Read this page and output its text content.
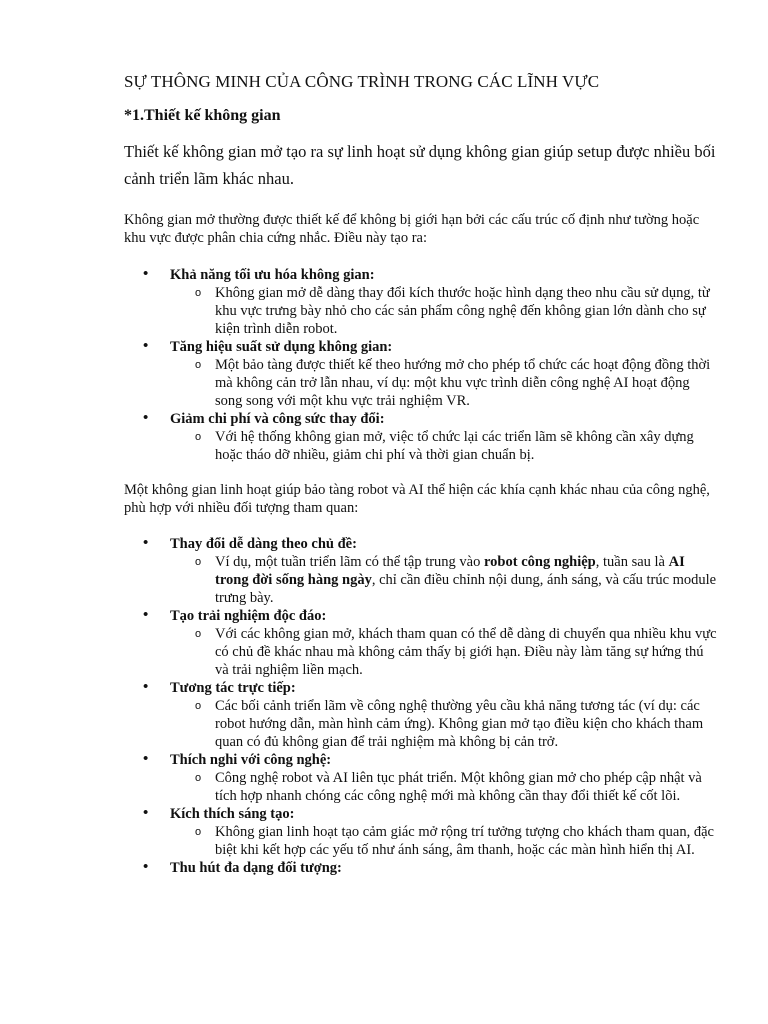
SỰ THÔNG MINH CỦA CÔNG TRÌNH TRONG CÁC LĨNH VỰC
*1.Thiết kế không gian
Thiết kế không gian mở tạo ra sự linh hoạt sử dụng không gian giúp setup được nhiều bối cảnh triển lãm khác nhau.
Không gian mở thường được thiết kế để không bị giới hạn bởi các cấu trúc cố định như tường hoặc khu vực được phân chia cứng nhắc. Điều này tạo ra:
• Khả năng tối ưu hóa không gian:
o Không gian mở dễ dàng thay đổi kích thước hoặc hình dạng theo nhu cầu sử dụng, từ khu vực trưng bày nhỏ cho các sản phẩm công nghệ đến không gian lớn dành cho sự kiện trình diễn robot.
• Tăng hiệu suất sử dụng không gian:
o Một bảo tàng được thiết kế theo hướng mở cho phép tổ chức các hoạt động đồng thời mà không cản trở lẫn nhau, ví dụ: một khu vực trình diễn công nghệ AI hoạt động song song với một khu vực trải nghiệm VR.
• Giảm chi phí và công sức thay đổi:
o Với hệ thống không gian mở, việc tổ chức lại các triển lãm sẽ không cần xây dựng hoặc tháo dỡ nhiều, giảm chi phí và thời gian chuẩn bị.
Một không gian linh hoạt giúp bảo tàng robot và AI thể hiện các khía cạnh khác nhau của công nghệ, phù hợp với nhiều đối tượng tham quan:
• Thay đổi dễ dàng theo chủ đề:
o Ví dụ, một tuần triển lãm có thể tập trung vào robot công nghiệp, tuần sau là AI trong đời sống hàng ngày, chỉ cần điều chỉnh nội dung, ánh sáng, và cấu trúc module trưng bày.
• Tạo trải nghiệm độc đáo:
o Với các không gian mở, khách tham quan có thể dễ dàng di chuyển qua nhiều khu vực có chủ đề khác nhau mà không cảm thấy bị giới hạn. Điều này làm tăng sự hứng thú và trải nghiệm liền mạch.
• Tương tác trực tiếp:
o Các bối cảnh triển lãm về công nghệ thường yêu cầu khả năng tương tác (ví dụ: các robot hướng dẫn, màn hình cảm ứng). Không gian mở tạo điều kiện cho khách tham quan có đủ không gian để trải nghiệm mà không bị cản trở.
• Thích nghi với công nghệ:
o Công nghệ robot và AI liên tục phát triển. Một không gian mở cho phép cập nhật và tích hợp nhanh chóng các công nghệ mới mà không cần thay đổi thiết kế cốt lõi.
• Kích thích sáng tạo:
o Không gian linh hoạt tạo cảm giác mở rộng trí tưởng tượng cho khách tham quan, đặc biệt khi kết hợp các yếu tố như ánh sáng, âm thanh, hoặc các màn hình hiển thị AI.
• Thu hút đa dạng đối tượng:
